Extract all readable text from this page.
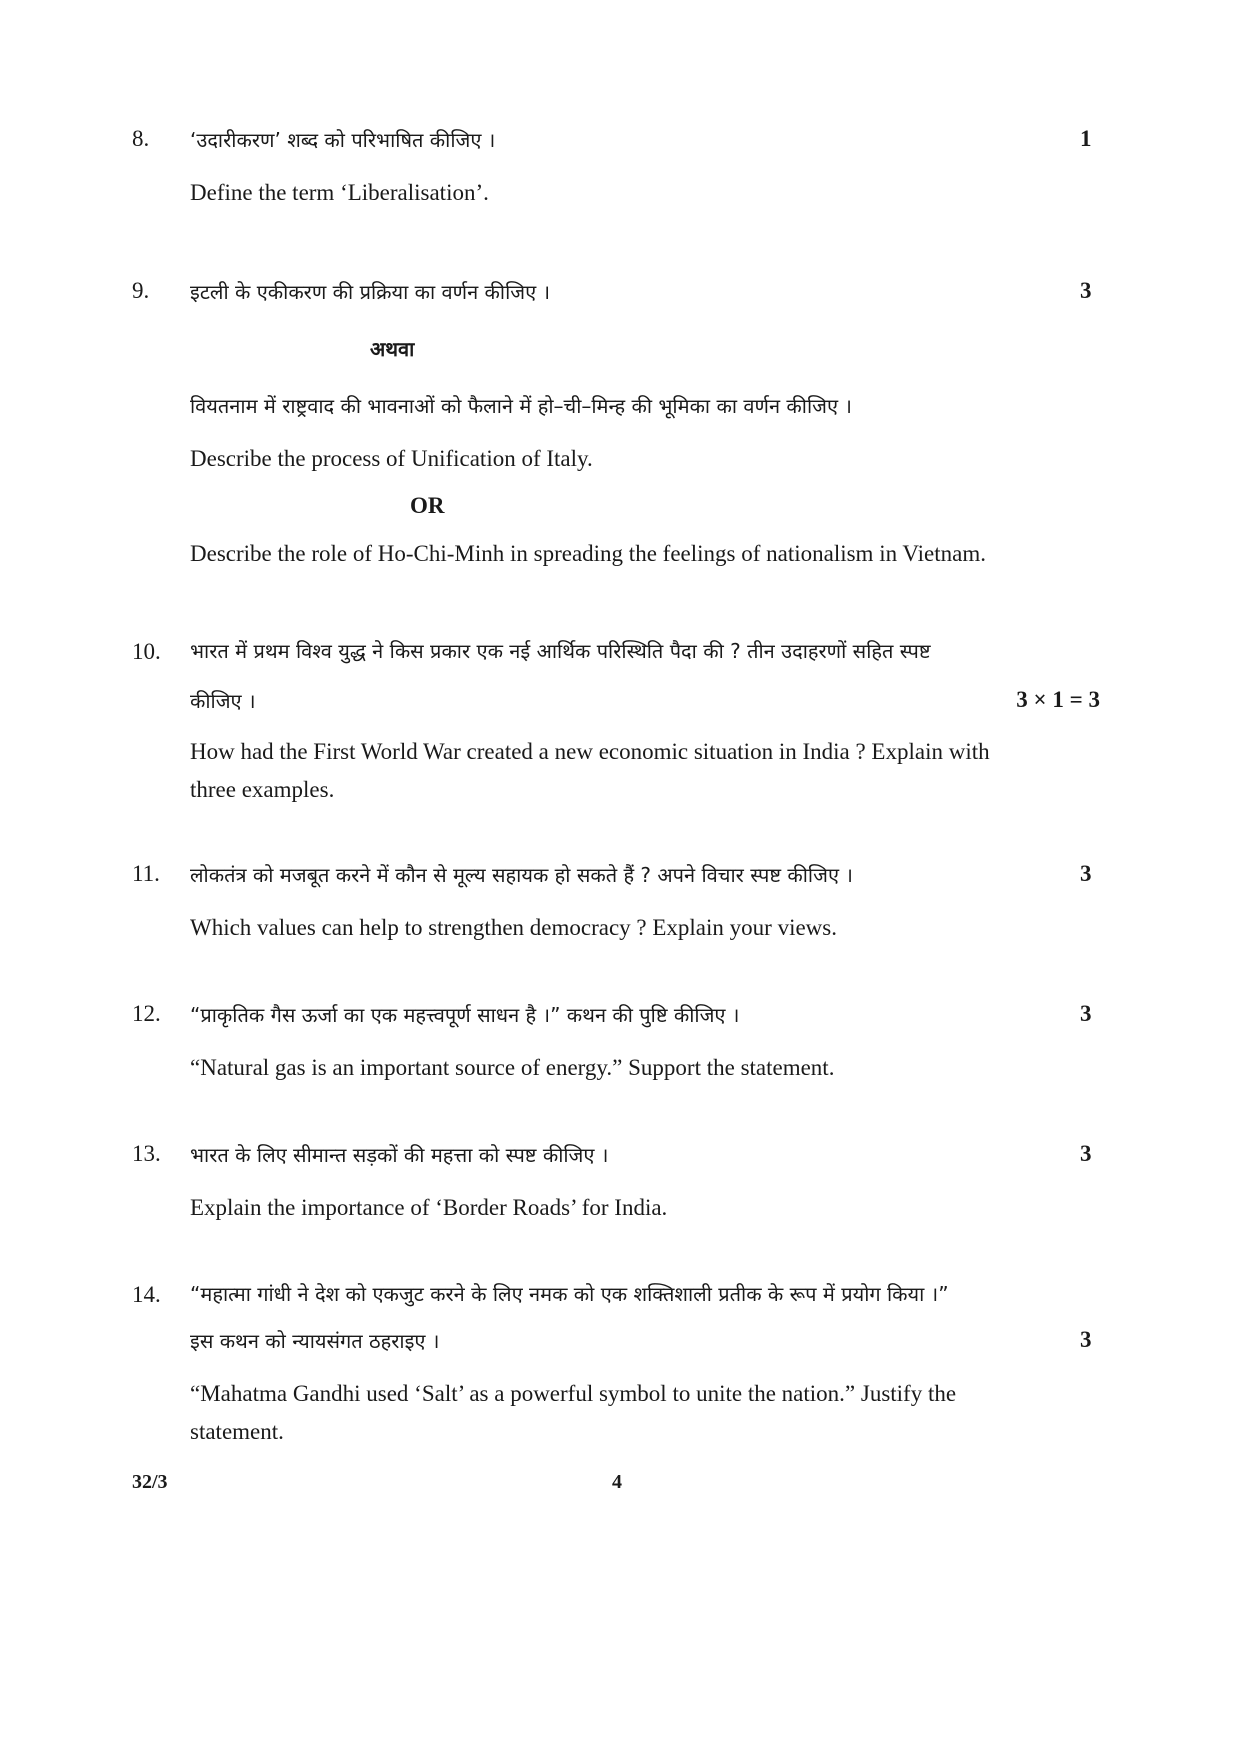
8. ‘उदारीकरण’ शब्द को परिभाषित कीजिए ।	1
Define the term ‘Liberalisation’.
9. इटली के एकीकरण की प्रक्रिया का वर्णन कीजिए ।	3
अथवा
वियतनाम में राष्ट्रवाद की भावनाओं को फैलाने में हो–ची–मिन्ह की भूमिका का वर्णन कीजिए ।
Describe the process of Unification of Italy.
OR
Describe the role of Ho-Chi-Minh in spreading the feelings of nationalism in Vietnam.
10. भारत में प्रथम विश्व युद्ध ने किस प्रकार एक नई आर्थिक परिस्थिति पैदा की ? तीन उदाहरणों सहित स्पष्ट
कीजिए ।	3 × 1 = 3
How had the First World War created a new economic situation in India ? Explain with
three examples.
11. लोकतंत्र को मजबूत करने में कौन से मूल्य सहायक हो सकते हैं ? अपने विचार स्पष्ट कीजिए ।	3
Which values can help to strengthen democracy ? Explain your views.
12. “प्राकृतिक गैस ऊर्जा का एक महत्त्वपूर्ण साधन है ।” कथन की पुष्टि कीजिए ।	3
“Natural gas is an important source of energy.” Support the statement.
13. भारत के लिए सीमान्त सड़कों की महत्ता को स्पष्ट कीजिए ।	3
Explain the importance of ‘Border Roads’ for India.
14. “महात्मा गांधी ने देश को एकजुट करने के लिए नमक को एक शक्तिशाली प्रतीक के रूप में प्रयोग किया ।”
इस कथन को न्यायसंगत ठहराइए ।	3
“Mahatma Gandhi used ‘Salt’ as a powerful symbol to unite the nation.” Justify the
statement.
32/3	4
